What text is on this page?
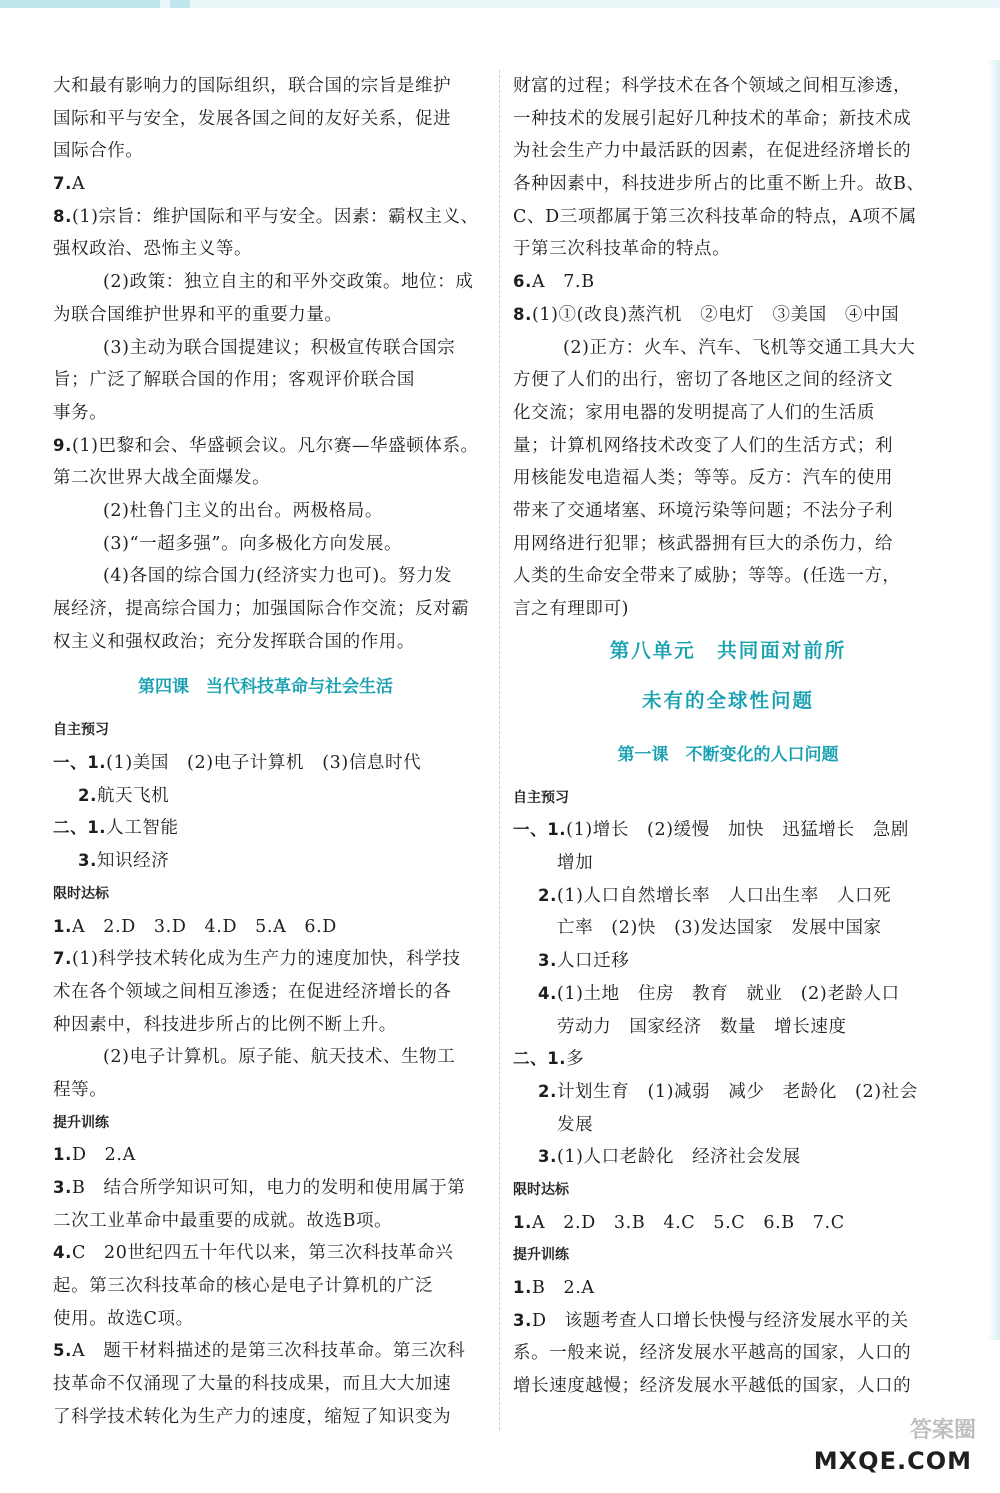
大和最有影响力的国际组织，联合国的宗旨是维护
国际和平与安全，发展各国之间的友好关系，促进
国际合作。
7.A
8.(1)宗旨：维护国际和平与安全。因素：霸权主义、
强权政治、恐怖主义等。
(2)政策：独立自主的和平外交政策。地位：成
为联合国维护世界和平的重要力量。
(3)主动为联合国提建议；积极宣传联合国宗
旨；广泛了解联合国的作用；客观评价联合国
事务。
9.(1)巴黎和会、华盛顿会议。凡尔赛—华盛顿体系。
第二次世界大战全面爆发。
(2)杜鲁门主义的出台。两极格局。
(3)“一超多强”。向多极化方向发展。
(4)各国的综合国力(经济实力也可)。努力发
展经济，提高综合国力；加强国际合作交流；反对霸
权主义和强权政治；充分发挥联合国的作用。
第四课　当代科技革命与社会生活
自主预习
一、1.(1)美国　(2)电子计算机　(3)信息时代
2.航天飞机
二、1.人工智能
3.知识经济
限时达标
1.A　2.D　3.D　4.D　5.A　6.D
7.(1)科学技术转化成为生产力的速度加快，科学技
术在各个领域之间相互渗透；在促进经济增长的各
种因素中，科技进步所占的比例不断上升。
(2)电子计算机。原子能、航天技术、生物工
程等。
提升训练
1.D　2.A
3.B　结合所学知识可知，电力的发明和使用属于第
二次工业革命中最重要的成就。故选B项。
4.C　20世纪四五十年代以来，第三次科技革命兴
起。第三次科技革命的核心是电子计算机的广泛
使用。故选C项。
5.A　题干材料描述的是第三次科技革命。第三次科
技革命不仅涌现了大量的科技成果，而且大大加速
了科学技术转化为生产力的速度，缩短了知识变为
财富的过程；科学技术在各个领域之间相互渗透，
一种技术的发展引起好几种技术的革命；新技术成
为社会生产力中最活跃的因素，在促进经济增长的
各种因素中，科技进步所占的比重不断上升。故B、
C、D三项都属于第三次科技革命的特点，A项不属
于第三次科技革命的特点。
6.A　7.B
8.(1)①(改良)蒸汽机　②电灯　③美国　④中国
(2)正方：火车、汽车、飞机等交通工具大大
方便了人们的出行，密切了各地区之间的经济文
化交流；家用电器的发明提高了人们的生活质
量；计算机网络技术改变了人们的生活方式；利
用核能发电造福人类；等等。反方：汽车的使用
带来了交通堵塞、环境污染等问题；不法分子利
用网络进行犯罪；核武器拥有巨大的杀伤力，给
人类的生命安全带来了威胁；等等。(任选一方，
言之有理即可)
第八单元　共同面对前所
未有的全球性问题
第一课　不断变化的人口问题
自主预习
一、1.(1)增长　(2)缓慢　加快　迅猛增长　急剧
增加
2.(1)人口自然增长率　人口出生率　人口死
亡率　(2)快　(3)发达国家　发展中国家
3.人口迁移
4.(1)土地　住房　教育　就业　(2)老龄人口
劳动力　国家经济　数量　增长速度
二、1.多
2.计划生育　(1)减弱　减少　老龄化　(2)社会
发展
3.(1)人口老龄化　经济社会发展
限时达标
1.A　2.D　3.B　4.C　5.C　6.B　7.C
提升训练
1.B　2.A
3.D　该题考查人口增长快慢与经济发展水平的关
系。一般来说，经济发展水平越高的国家，人口的
增长速度越慢；经济发展水平越低的国家，人口的
答案圈
MXQE.COM
